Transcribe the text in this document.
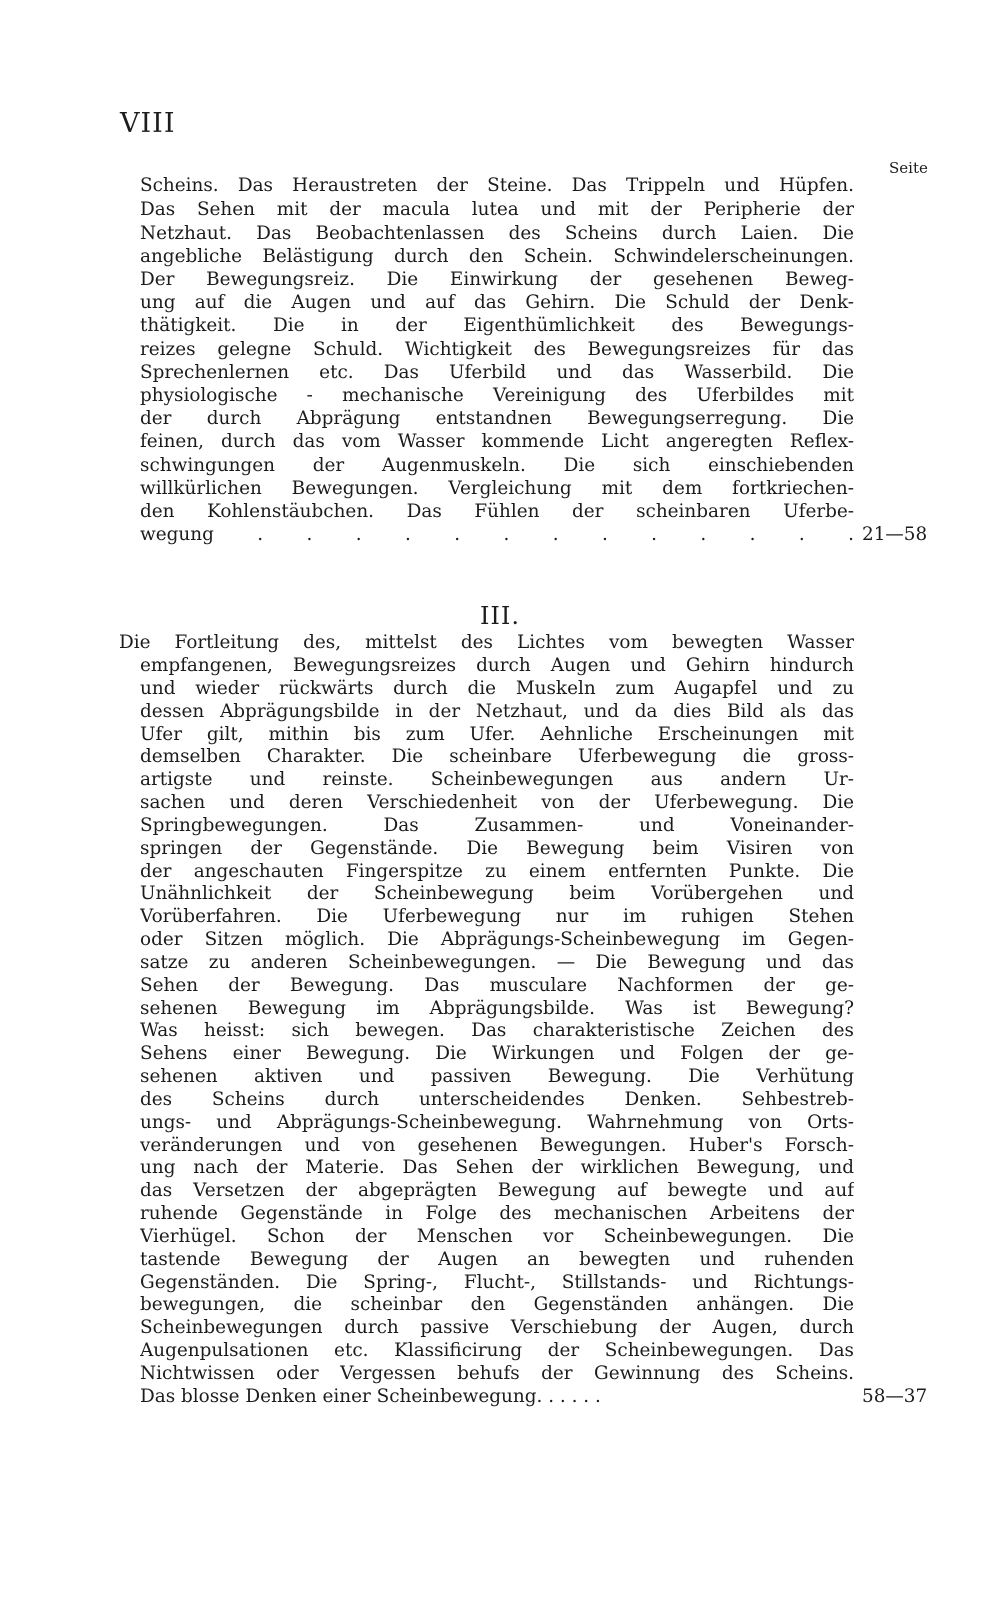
VIII
Seite
Scheins. Das Heraustreten der Steine. Das Trippeln und Hüpfen.
Das Sehen mit der macula lutea und mit der Peripherie der
Netzhaut. Das Beobachtenlassen des Scheins durch Laien. Die
angebliche Belästigung durch den Schein. Schwindelerscheinungen.
Der Bewegungsreiz. Die Einwirkung der gesehenen Beweg-
ung auf die Augen und auf das Gehirn. Die Schuld der Denk-
thätigkeit. Die in der Eigenthümlichkeit des Bewegungs-
reizes gelegne Schuld. Wichtigkeit des Bewegungsreizes für das
Sprechenlernen etc. Das Uferbild und das Wasserbild. Die
physiologische - mechanische Vereinigung des Uferbildes mit
der durch Abprägung entstandnen Bewegungserregung. Die
feinen, durch das vom Wasser kommende Licht angeregten Reflex-
schwingungen der Augenmuskeln. Die sich einschiebenden
willkürlichen Bewegungen. Vergleichung mit dem fortkriechen-
den Kohlenstäubchen. Das Fühlen der scheinbaren Uferbe-
wegung . . . . . . . . . . . . . 21—58
III.
Die Fortleitung des, mittelst des Lichtes vom bewegten Wasser
empfangenen, Bewegungsreizes durch Augen und Gehirn hindurch
und wieder rückwärts durch die Muskeln zum Augapfel und zu
dessen Abprägungsbilde in der Netzhaut, und da dies Bild als das
Ufer gilt, mithin bis zum Ufer. Aehnliche Erscheinungen mit
demselben Charakter. Die scheinbare Uferbewegung die gross-
artigste und reinste. Scheinbewegungen aus andern Ur-
sachen und deren Verschiedenheit von der Uferbewegung. Die
Springbewegungen. Das Zusammen- und Voneinander-
springen der Gegenstände. Die Bewegung beim Visiren von
der angeschauten Fingerspitze zu einem entfernten Punkte. Die
Unähnlichkeit der Scheinbewegung beim Vorübergehen und
Vorüberfahren. Die Uferbewegung nur im ruhigen Stehen
oder Sitzen möglich. Die Abprägungs-Scheinbewegung im Gegen-
satze zu anderen Scheinbewegungen. — Die Bewegung und das
Sehen der Bewegung. Das musculare Nachformen der ge-
sehenen Bewegung im Abprägungsbilde. Was ist Bewegung?
Was heisst: sich bewegen. Das charakteristische Zeichen des
Sehens einer Bewegung. Die Wirkungen und Folgen der ge-
sehenen aktiven und passiven Bewegung. Die Verhütung
des Scheins durch unterscheidendes Denken. Sehbestreb-
ungs- und Abprägungs-Scheinbewegung. Wahrnehmung von Orts-
veränderungen und von gesehenen Bewegungen. Huber's Forsch-
ung nach der Materie. Das Sehen der wirklichen Bewegung, und
das Versetzen der abgeprägten Bewegung auf bewegte und auf
ruhende Gegenstände in Folge des mechanischen Arbeitens der
Vierhügel. Schon der Menschen vor Scheinbewegungen. Die
tastende Bewegung der Augen an bewegten und ruhenden
Gegenständen. Die Spring-, Flucht-, Stillstands- und Richtungs-
bewegungen, die scheinbar den Gegenständen anhängen. Die
Scheinbewegungen durch passive Verschiebung der Augen, durch
Augenpulsationen etc. Klassificirung der Scheinbewegungen. Das
Nichtwissen oder Vergessen behufs der Gewinnung des Scheins.
Das blosse Denken einer Scheinbewegung. . . . . .	58—37
